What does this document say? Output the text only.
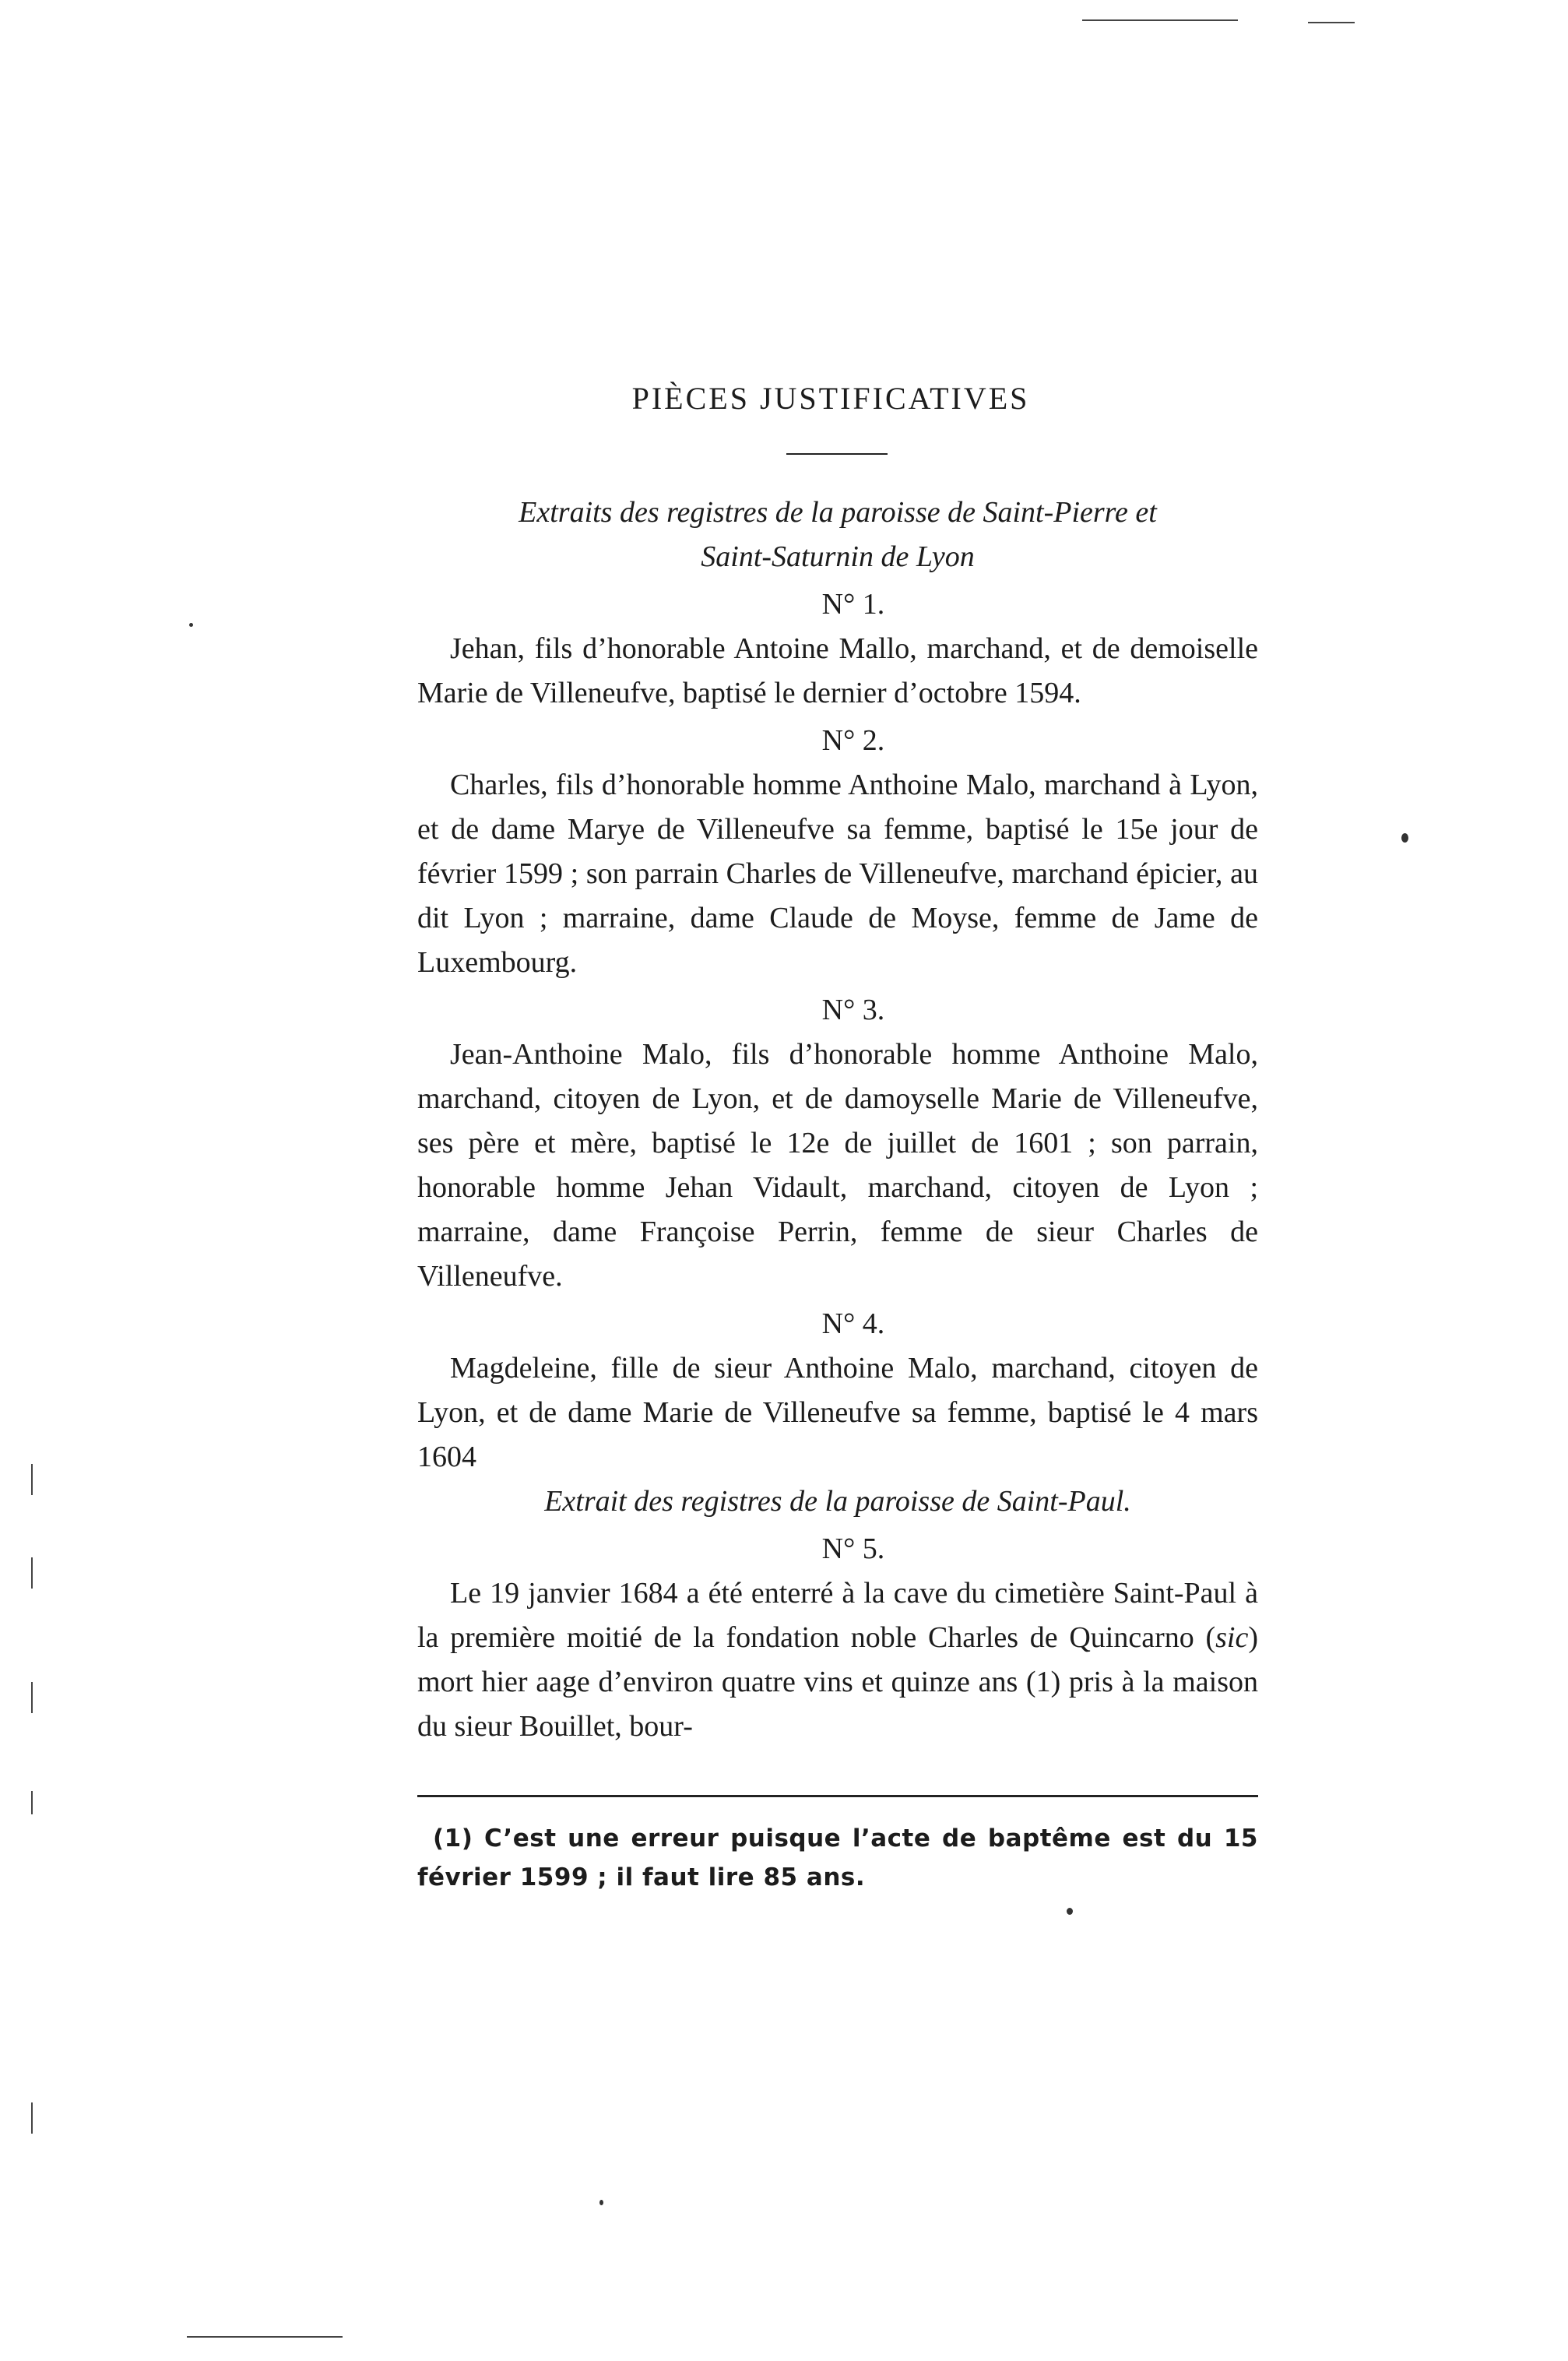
PIÈCES JUSTIFICATIVES

Extraits des registres de la paroisse de Saint-Pierre et

Saint-Saturnin de Lyon

N° 1.

Jehan, fils d’honorable Antoine Mallo, marchand, et de demoiselle Marie de Villeneufve, baptisé le dernier d’octobre 1594.

N° 2.

Charles, fils d’honorable homme Anthoine Malo, marchand à Lyon, et de dame Marye de Villeneufve sa femme, baptisé le 15e jour de février 1599 ; son parrain Charles de Villeneufve, marchand épicier, au dit Lyon ; marraine, dame Claude de Moyse, femme de Jame de Luxembourg.

N° 3.

Jean-Anthoine Malo, fils d’honorable homme Anthoine Malo, marchand, citoyen de Lyon, et de damoyselle Marie de Villeneufve, ses père et mère, baptisé le 12e de juillet de 1601 ; son parrain, honorable homme Jehan Vidault, marchand, citoyen de Lyon ; marraine, dame Françoise Perrin, femme de sieur Charles de Villeneufve.

N° 4.

Magdeleine, fille de sieur Anthoine Malo, marchand, citoyen de Lyon, et de dame Marie de Villeneufve sa femme, baptisé le 4 mars 1604

Extrait des registres de la paroisse de Saint-Paul.

N° 5.

Le 19 janvier 1684 a été enterré à la cave du cimetière Saint-Paul à la première moitié de la fondation noble Charles de Quincarno (sic) mort hier aage d’environ quatre vins et quinze ans (1) pris à la maison du sieur Bouillet, bour-

(1) C’est une erreur puisque l’acte de baptême est du 15 février 1599 ; il faut lire 85 ans.
